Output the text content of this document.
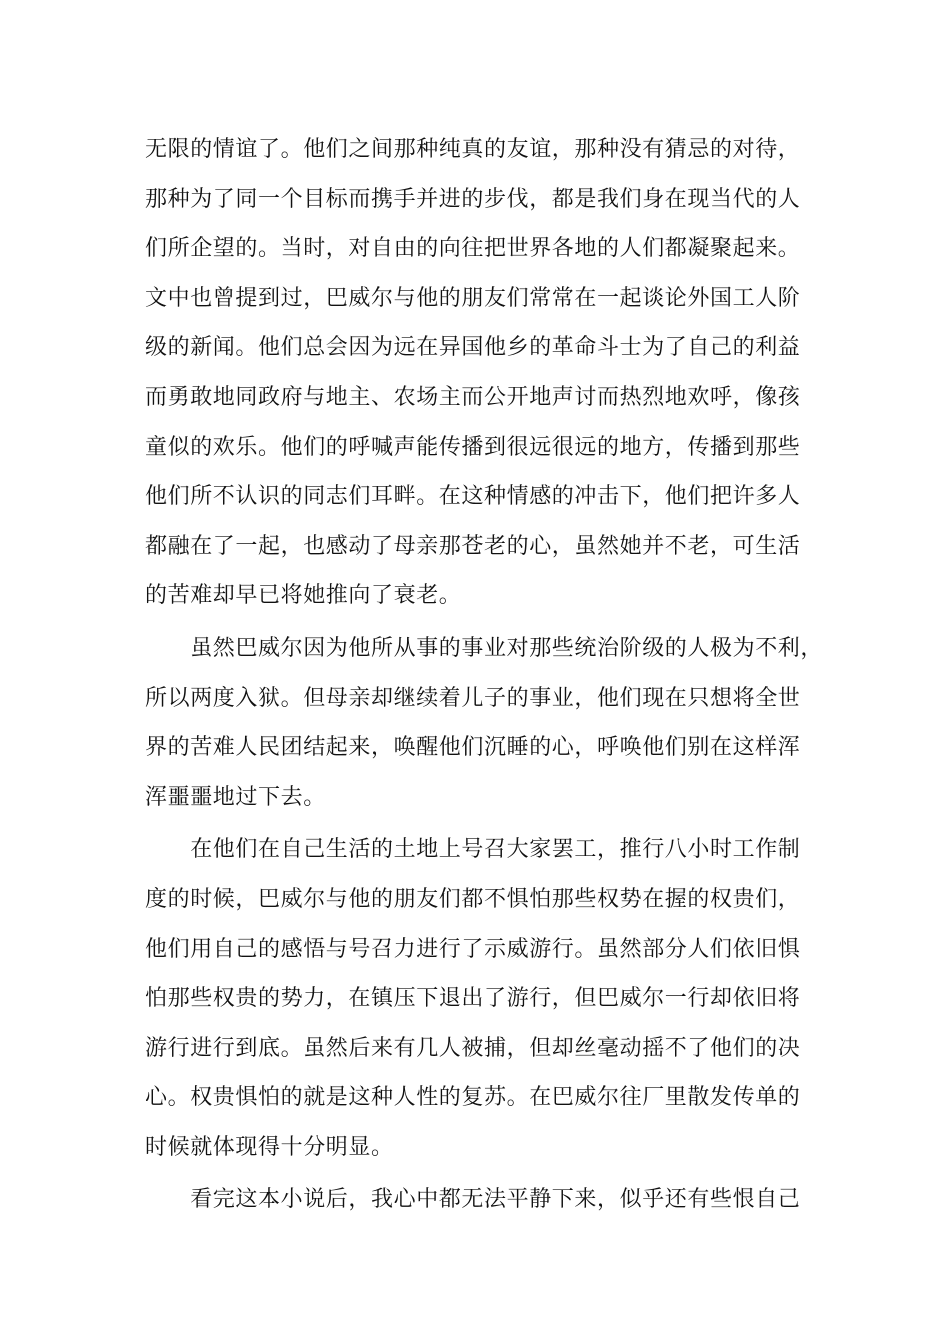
无限的情谊了。他们之间那种纯真的友谊，那种没有猜忌的对待，
那种为了同一个目标而携手并进的步伐，都是我们身在现当代的人
们所企望的。当时，对自由的向往把世界各地的人们都凝聚起来。
文中也曾提到过，巴威尔与他的朋友们常常在一起谈论外国工人阶
级的新闻。他们总会因为远在异国他乡的革命斗士为了自己的利益
而勇敢地同政府与地主、农场主而公开地声讨而热烈地欢呼，像孩
童似的欢乐。他们的呼喊声能传播到很远很远的地方，传播到那些
他们所不认识的同志们耳畔。在这种情感的冲击下，他们把许多人
都融在了一起，也感动了母亲那苍老的心，虽然她并不老，可生活
的苦难却早已将她推向了衰老。
　　虽然巴威尔因为他所从事的事业对那些统治阶级的人极为不利，
所以两度入狱。但母亲却继续着儿子的事业，他们现在只想将全世
界的苦难人民团结起来，唤醒他们沉睡的心，呼唤他们别在这样浑
浑噩噩地过下去。
　　在他们在自己生活的土地上号召大家罢工，推行八小时工作制
度的时候，巴威尔与他的朋友们都不惧怕那些权势在握的权贵们，
他们用自己的感悟与号召力进行了示威游行。虽然部分人们依旧惧
怕那些权贵的势力，在镇压下退出了游行，但巴威尔一行却依旧将
游行进行到底。虽然后来有几人被捕，但却丝毫动摇不了他们的决
心。权贵惧怕的就是这种人性的复苏。在巴威尔往厂里散发传单的
时候就体现得十分明显。
　　看完这本小说后，我心中都无法平静下来，似乎还有些恨自己
